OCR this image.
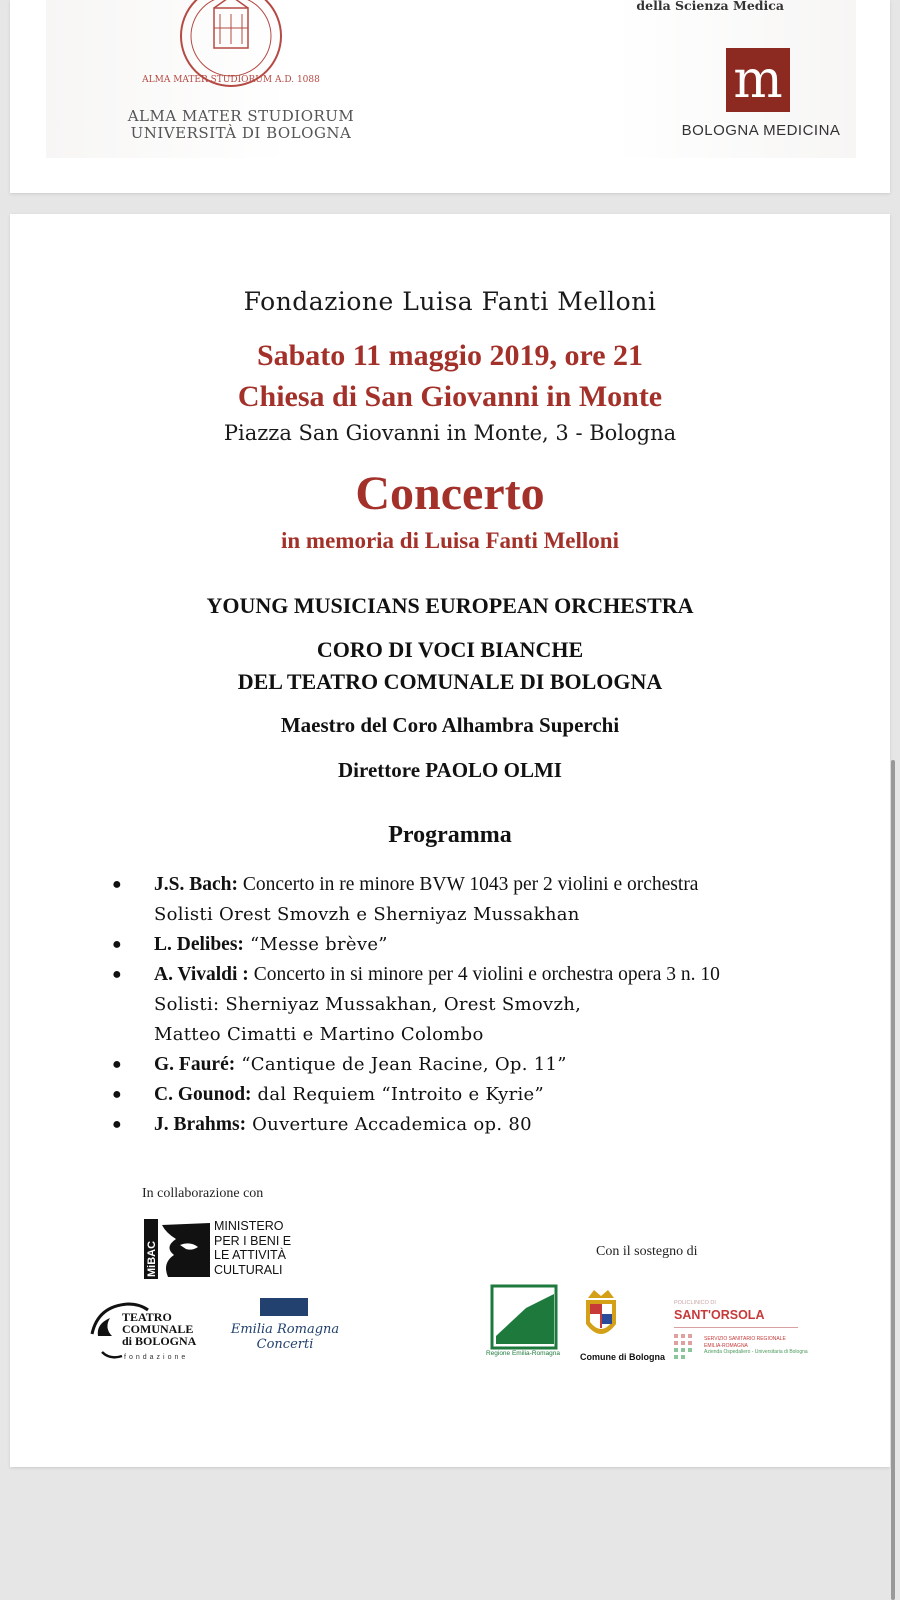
ALMA MATER STUDIORUM A.D. 1088
ALMA MATER STUDIORUM
UNIVERSITÀ DI BOLOGNA
della Scienza Medica
m
BOLOGNA MEDICINA
Fondazione Luisa Fanti Melloni
Sabato 11 maggio 2019, ore 21
Chiesa di San Giovanni in Monte
Piazza San Giovanni in Monte, 3 - Bologna
Concerto
in memoria di Luisa Fanti Melloni
YOUNG MUSICIANS EUROPEAN ORCHESTRA
CORO DI VOCI BIANCHE
DEL TEATRO COMUNALE DI BOLOGNA
Maestro del Coro Alhambra Superchi
Direttore PAOLO OLMI
Programma
● J.S. Bach: Concerto in re minore BVW 1043 per 2 violini e orchestra
Solisti Orest Smovzh e Sherniyaz Mussakhan
● L. Delibes: “Messe brève”
● A. Vivaldi : Concerto in si minore per 4 violini e orchestra opera 3 n. 10
Solisti: Sherniyaz Mussakhan, Orest Smovzh,
Matteo Cimatti e Martino Colombo
● G. Fauré: “Cantique de Jean Racine, Op. 11”
● C. Gounod: dal Requiem “Introito e Kyrie”
● J. Brahms: Ouverture Accademica op. 80
In collaborazione con
Con il sostegno di
MiBAC
MINISTERO
PER I BENI E
LE ATTIVITÀ
CULTURALI
TEATRO
COMUNALE
di BOLOGNA
fondazione
Emilia Romagna
Concerti
Regione Emilia-Romagna Comune di Bologna
POLICLINICO DI
SANT'ORSOLA
SERVIZIO SANITARIO REGIONALE
EMILIA-ROMAGNA
Azienda Ospedaliero - Universitaria di Bologna
